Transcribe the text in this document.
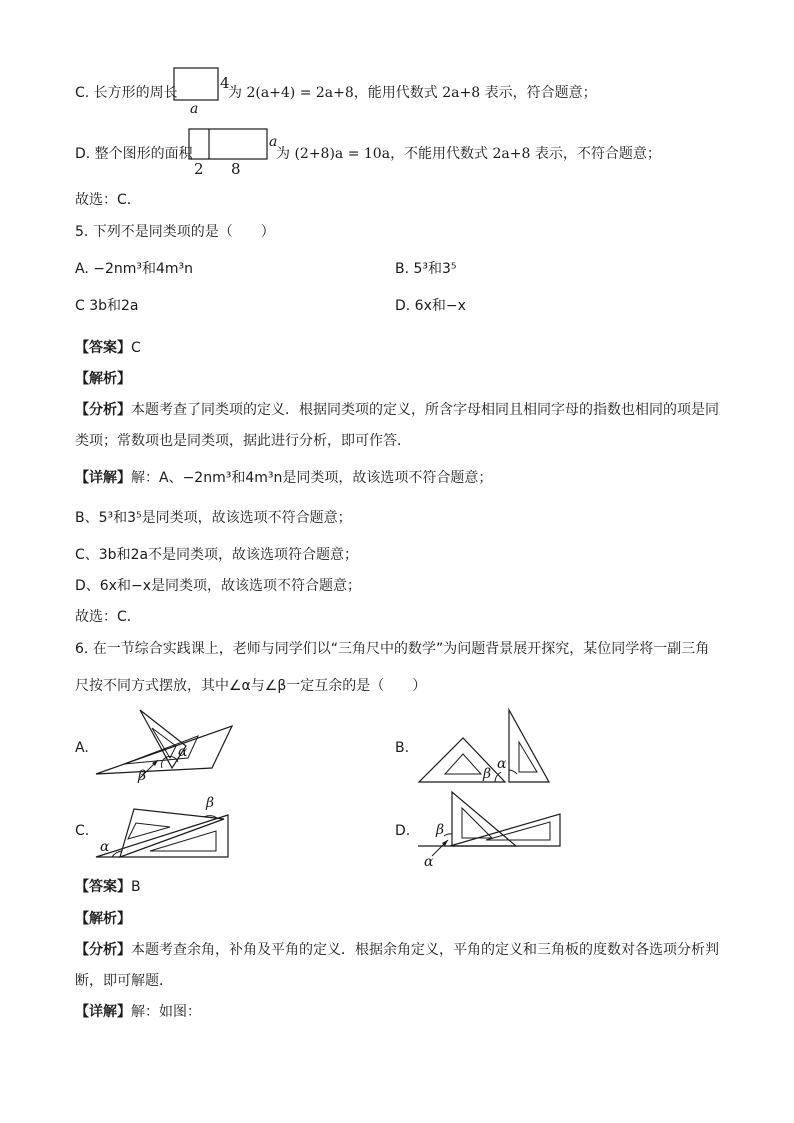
C. 长方形的周长
4
a
为 2(a+4) = 2a+8，能用代数式 2a+8 表示，符合题意；
D. 整个图形的面积
2 8
a
为 (2+8)a = 10a，不能用代数式 2a+8 表示，不符合题意；
故选：C．
5. 下列不是同类项的是（　　）
A. −2nm³和4m³n	B. 5³和3⁵
C 3b和2a	D. 6x和−x
【答案】C
【解析】
【分析】本题考查了同类项的定义．根据同类项的定义，所含字母相同且相同字母的指数也相同的项是同
类项；常数项也是同类项，据此进行分析，即可作答．
【详解】解：A、−2nm³和4m³n是同类项，故该选项不符合题意；
B、5³和3⁵是同类项，故该选项不符合题意；
C、3b和2a不是同类项，故该选项符合题意；
D、6x和−x是同类项，故该选项不符合题意；
故选：C．
6. 在一节综合实践课上，老师与同学们以“三角尺中的数学”为问题背景展开探究，某位同学将一副三角
尺按不同方式摆放，其中∠α与∠β一定互余的是（　　）
A.	α
β
B.
β
α
C.
α
β
D. β
α
【答案】B
【解析】
【分析】本题考查余角，补角及平角的定义．根据余角定义，平角的定义和三角板的度数对各选项分析判
断，即可解题．
【详解】解：如图：
